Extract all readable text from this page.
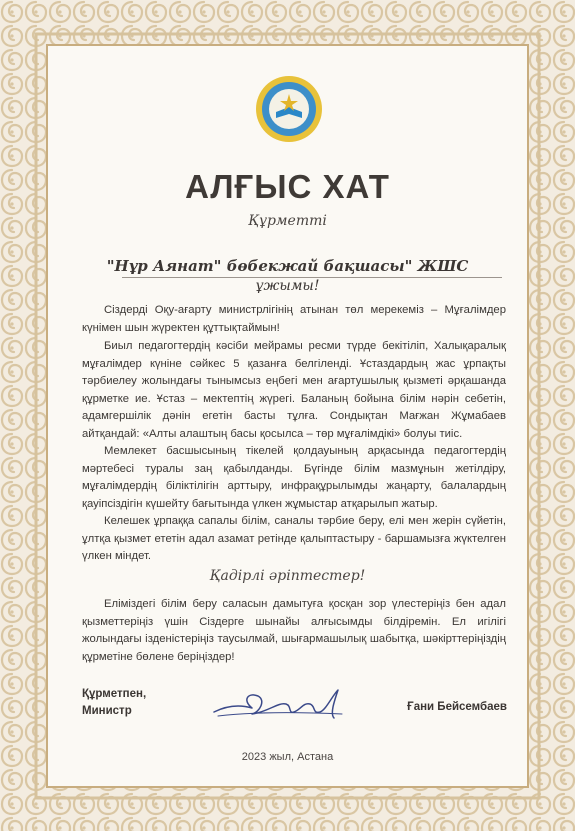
АЛҒЫС ХАТ
Құрметті
"Нұр Аянат" бөбекжай бақшасы" ЖШС
ұжымы!

Сіздерді Оқу-ағарту министрлігінің атынан төл мерекеміз – Мұғалімдер күнімен шын жүректен құттықтаймын!

Биыл педагогтердің кәсіби мейрамы ресми түрде бекітіліп, Халықаралық мұғалімдер күніне сәйкес 5 қазанға белгіленді. Ұстаздардың жас ұрпақты тәрбиелеу жолындағы тынымсыз еңбегі мен ағартушылық қызметі әрқашанда құрметке ие. Ұстаз – мектептің жүрегі. Баланың бойына білім нәрін себетін, адамгершілік дәнін егетін басты тұлға. Сондықтан Мағжан Жұмабаев айтқандай: «Алты алаштың басы қосылса – төр мұғалімдікі» болуы тиіс.

Мемлекет басшысының тікелей қолдауының арқасында педагогтердің мәртебесі туралы заң қабылданды. Бүгінде білім мазмұнын жетілдіру, мұғалімдердің біліктілігін арттыру, инфрақұрылымды жаңарту, балалардың қауіпсіздігін күшейту бағытында үлкен жұмыстар атқарылып жатыр.

Келешек ұрпаққа сапалы білім, саналы тәрбие беру, елі мен жерін сүйетін, ұлтқа қызмет ететін адал азамат ретінде қалыптастыру - баршамызға жүктелген үлкен міндет.

Қадірлі әріптестер!

Еліміздегі білім беру саласын дамытуға қосқан зор үлестеріңіз бен адал қызметтеріңіз үшін Сіздерге шынайы алғысымды білдіремін. Ел игілігі жолындағы ізденістеріңіз таусылмай, шығармашылық шабытқа, шәкірттеріңіздің құрметіне бөлене беріңіздер!

Құрметпен,
Министр	Ғани Бейсембаев
2023 жыл, Астана
